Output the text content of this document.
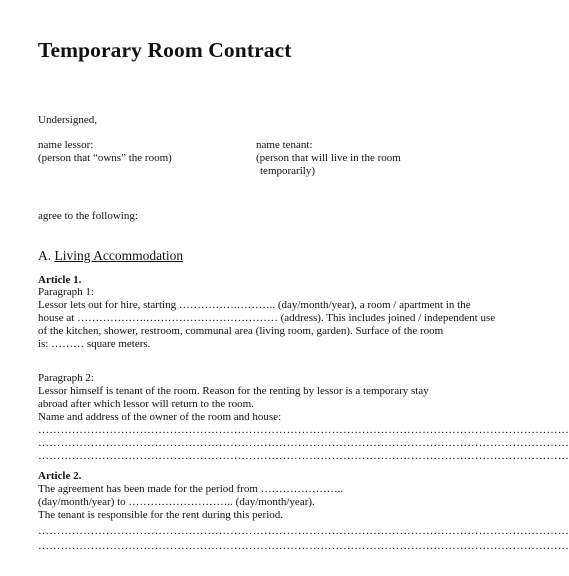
Temporary Room Contract
Undersigned,
name lessor:
(person that “owns” the room)
name tenant:
(person that will live in the room
temporarily)
agree to the following:
A. Living Accommodation
Article 1.
Paragraph 1:
Lessor lets out for hire, starting …………….……….. (day/month/year), a room / apartment in the
house at ……………….……………………………… (address). This includes joined / independent use
of the kitchen, shower, restroom, communal area (living room, garden). Surface of the room
is: ……… square meters.
Paragraph 2:
Lessor himself is tenant of the room. Reason for the renting by lessor is a temporary stay
abroad after which lessor will return to the room.
Name and address of the owner of the room and house:
……………………………………………………………………………………………………………………………
……………………………………………………………………………………………………………………………
……………………………………………………………………………………………………………………………
Article 2.
The agreement has been made for the period from …………………..
(day/month/year) to ……………………….. (day/month/year).
The tenant is responsible for the rent during this period.
……………………………………………………………………………………………………………………………
……………………………………………………………………………………………………………………………
